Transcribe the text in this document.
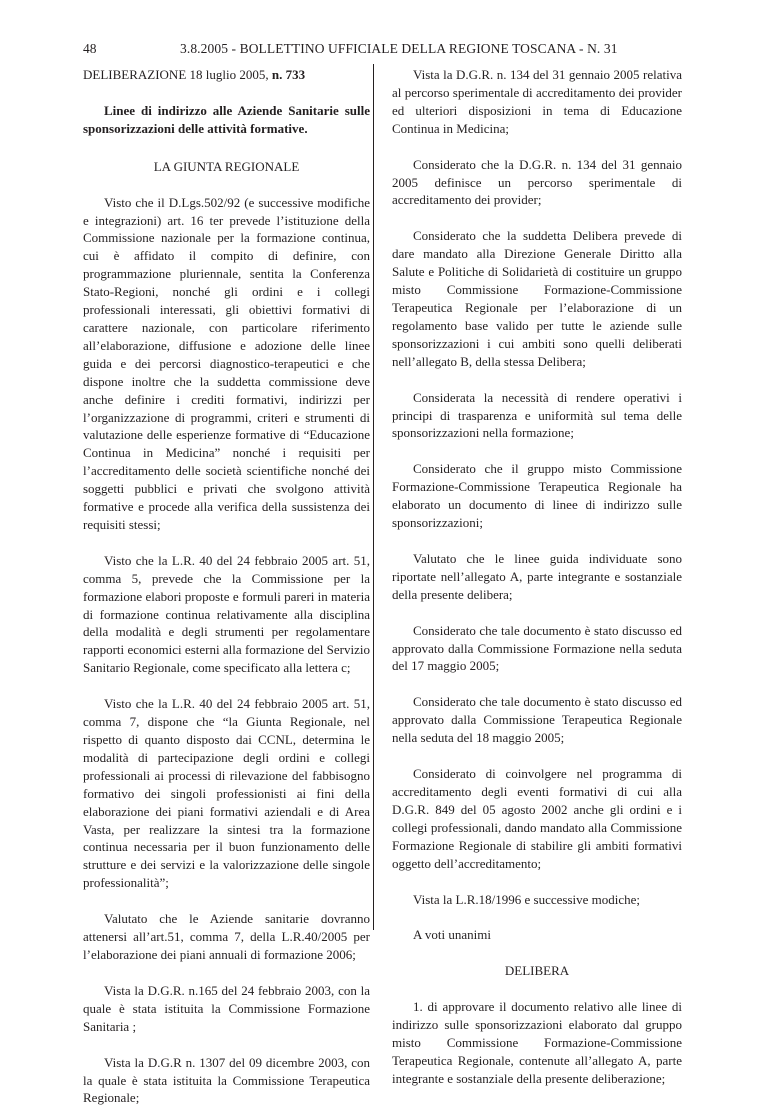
48	3.8.2005 - BOLLETTINO UFFICIALE DELLA REGIONE TOSCANA - N. 31

DELIBERAZIONE 18 luglio 2005, n. 733

Linee di indirizzo alle Aziende Sanitarie sulle sponsorizzazioni delle attività formative.

LA GIUNTA REGIONALE

Visto che il D.Lgs.502/92 (e successive modifiche e integrazioni) art. 16 ter prevede l’istituzione della Commissione nazionale per la formazione continua, cui è affidato il compito di definire, con programmazione pluriennale, sentita la Conferenza Stato-Regioni, nonché gli ordini e i collegi professionali interessati, gli obiettivi formativi di carattere nazionale, con particolare riferimento all’elaborazione, diffusione e adozione delle linee guida e dei percorsi diagnostico-terapeutici e che dispone inoltre che la suddetta commissione deve anche definire i crediti formativi, indirizzi per l’organizzazione di programmi, criteri e strumenti di valutazione delle esperienze formative di “Educazione Continua in Medicina” nonché i requisiti per l’accreditamento delle società scientifiche nonché dei soggetti pubblici e privati che svolgono attività formative e procede alla verifica della sussistenza dei requisiti stessi;

Visto che la L.R. 40 del 24 febbraio 2005 art. 51, comma 5, prevede che la Commissione per la formazione elabori proposte e formuli pareri in materia di formazione continua relativamente alla disciplina della modalità e degli strumenti per regolamentare rapporti economici esterni alla formazione del Servizio Sanitario Regionale, come specificato alla lettera c;

Visto che la L.R. 40 del 24 febbraio 2005 art. 51, comma 7, dispone che “la Giunta Regionale, nel rispetto di quanto disposto dai CCNL, determina le modalità di partecipazione degli ordini e collegi professionali ai processi di rilevazione del fabbisogno formativo dei singoli professionisti ai fini della elaborazione dei piani formativi aziendali e di Area Vasta, per realizzare la sintesi tra la formazione continua necessaria per il buon funzionamento delle strutture e dei servizi e la valorizzazione delle singole professionalità”;

Valutato che le Aziende sanitarie dovranno attenersi all’art.51, comma 7, della L.R.40/2005 per l’elaborazione dei piani annuali di formazione 2006;

Vista la D.G.R. n.165 del 24 febbraio 2003, con la quale è stata istituita la Commissione Formazione Sanitaria ;

Vista la D.G.R n. 1307 del 09 dicembre 2003, con la quale è stata istituita la Commissione Terapeutica Regionale;

Vista la D.G.R. n. 134 del 31 gennaio 2005 relativa al percorso sperimentale di accreditamento dei provider ed ulteriori disposizioni in tema di Educazione Continua in Medicina;

Considerato che la D.G.R. n. 134 del 31 gennaio 2005 definisce un percorso sperimentale di accreditamento dei provider;

Considerato che la suddetta Delibera prevede di dare mandato alla Direzione Generale Diritto alla Salute e Politiche di Solidarietà di costituire un gruppo misto Commissione Formazione-Commissione Terapeutica Regionale per l’elaborazione di un regolamento base valido per tutte le aziende sulle sponsorizzazioni i cui ambiti sono quelli deliberati nell’allegato B, della stessa Delibera;

Considerata la necessità di rendere operativi i principi di trasparenza e uniformità sul tema delle sponsorizzazioni nella formazione;

Considerato che il gruppo misto Commissione Formazione-Commissione Terapeutica Regionale ha elaborato un documento di linee di indirizzo sulle sponsorizzazioni;

Valutato che le linee guida individuate sono riportate nell’allegato A, parte integrante e sostanziale della presente delibera;

Considerato che tale documento è stato discusso ed approvato dalla Commissione Formazione nella seduta del 17 maggio 2005;

Considerato che tale documento è stato discusso ed approvato dalla Commissione Terapeutica Regionale nella seduta del 18 maggio 2005;

Considerato di coinvolgere nel programma di accreditamento degli eventi formativi di cui alla D.G.R. 849 del 05 agosto 2002 anche gli ordini e i collegi professionali, dando mandato alla Commissione Formazione Regionale di stabilire gli ambiti formativi oggetto dell’accreditamento;

Vista la L.R.18/1996 e successive modiche;

A voti unanimi

DELIBERA

1. di approvare il documento relativo alle linee di indirizzo sulle sponsorizzazioni elaborato dal gruppo misto Commissione Formazione-Commissione Terapeutica Regionale, contenute all’allegato A, parte integrante e sostanziale della presente deliberazione;
